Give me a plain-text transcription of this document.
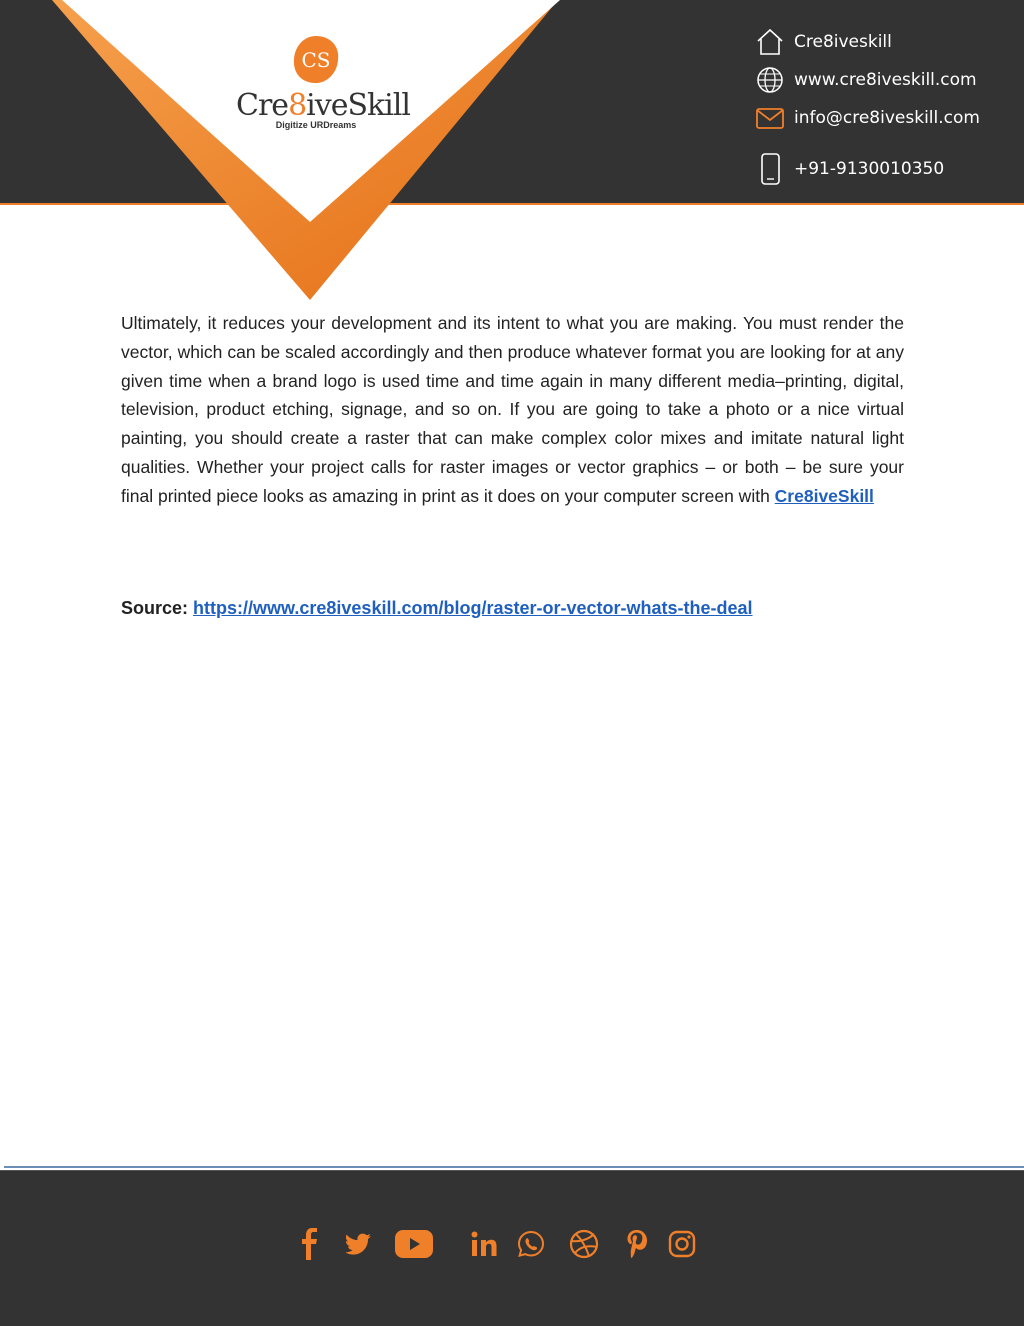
CS
Cre8iveSkill
Digitize URDreams
Cre8iveskill
www.cre8iveskill.com
info@cre8iveskill.com
+91-9130010350

Ultimately, it reduces your development and its intent to what you are making. You must render the vector, which can be scaled accordingly and then produce whatever format you are looking for at any given time when a brand logo is used time and time again in many different media–printing, digital, television, product etching, signage, and so on. If you are going to take a photo or a nice virtual painting, you should create a raster that can make complex color mixes and imitate natural light qualities. Whether your project calls for raster images or vector graphics – or both – be sure your final printed piece looks as amazing in print as it does on your computer screen with Cre8iveSkill

Source: https://www.cre8iveskill.com/blog/raster-or-vector-whats-the-deal
